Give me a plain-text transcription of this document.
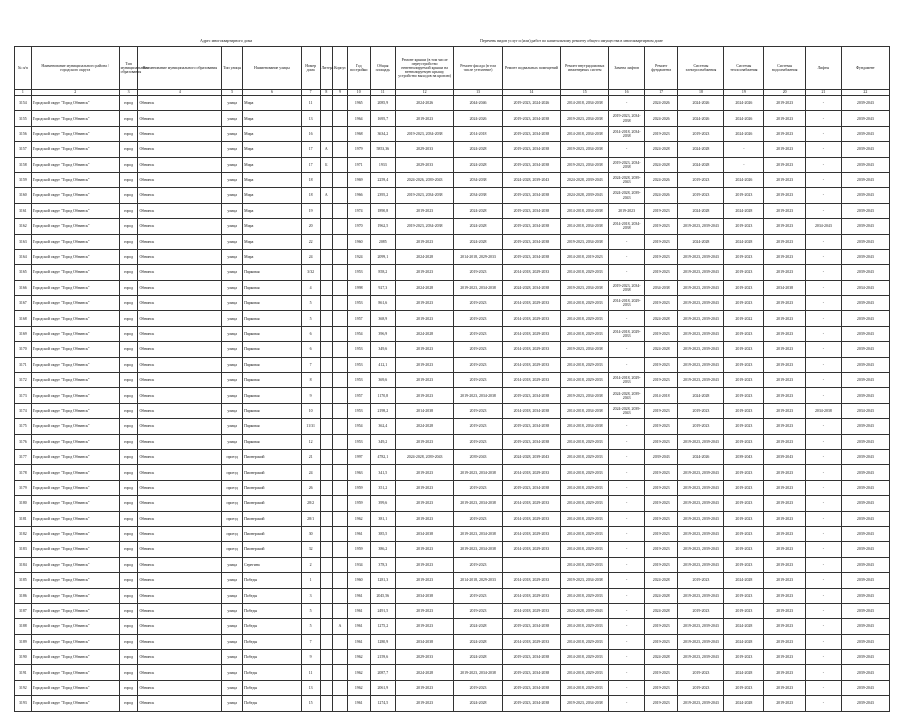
Адрес многоквартирного дома	Перечень видов услуг и (или) работ по капитальному ремонту общего имущества в многоквартирном доме
№ п/п	Наименование муниципального района / городского округа	Тип муниципального образования	Наименование муниципального образования	Тип улицы	Наименование улицы	Номер дома	Литера	Корпус	Год постройки	Общая площадь	Ремонт крыши (в том числе переустройство невентилируемой крыши на вентилируемую крышу, устройство выходов на кровлю)	Ремонт фасада (в том числе утепление)	Ремонт подвальных помещений	Ремонт внутридомовых инженерных систем	Замена лифтов	Ремонт фундамента	Системы электроснабжения	Системы теплоснабжения	Системы водоснабжения	Лифты	Фундамент
1	2	3	4	5	6	7	8	9	10	11	12	13	14	15	16	17	18	19	20	21	22
3154	Городской округ "Город Обнинск"	город	Обнинск	улица	Мира	11			1965	2085,9	2024-2026	2044-2046	2019-2023, 2024-2026	2014-2018, 2034-2038	-	2024-2026	2024-2026	2024-2026	2019-2023	-	2039-2043
3155	Городской округ "Город Обнинск"	город	Обнинск	улица	Мира	13			1964	1695,7	2019-2023	2024-2026	2019-2023, 2034-2038	2019-2023, 2034-2038	2019-2023, 2034-2038	2024-2026	2024-2026	2024-2026	2019-2023	-	2039-2043
3156	Городской округ "Город Обнинск"	город	Обнинск	улица	Мира	16			1968	3634,2	2019-2023, 2034-2038	2014-2018	2019-2023, 2034-2038	2014-2018, 2034-2038	2014-2018, 2034-2038	2019-2023	2019-2023	2024-2026	2019-2023	-	2039-2043
3157	Городской округ "Город Обнинск"	город	Обнинск	улица	Мира	17	А		1979	5853,36	2029-2033	2024-2028	2019-2023, 2034-2038	2019-2023, 2034-2038	-	2024-2028	2024-2028	-	2019-2023	-	2039-2043
3158	Городской округ "Город Обнинск"	город	Обнинск	улица	Мира	17	Б		1971	1933	2029-2033	2024-2028	2019-2023, 2034-2038	2019-2023, 2034-2038	2019-2023, 2034-2038	2024-2028	2024-2028	-	2019-2023	-	2039-2043
3159	Городской округ "Город Обнинск"	город	Обнинск	улица	Мира	18			1969	2259,4	2024-2026, 2039-2043	2034-2038	2024-2028, 2039-2043	2024-2028, 2039-2043	2024-2028, 2039-2043	2024-2026	2019-2023	2024-2026	2019-2023	-	2039-2043
3160	Городской округ "Город Обнинск"	город	Обнинск	улица	Мира	18	А		1966	2395,2	2019-2023, 2034-2038	2034-2038	2019-2023, 2034-2038	2024-2028, 2039-2043	2024-2028, 2039-2043	2024-2026	2019-2023	2019-2023	2019-2023	-	2039-2043
3161	Городской округ "Город Обнинск"	город	Обнинск	улица	Мира	19			1974	1890,8	2019-2023	2024-2028	2019-2023, 2034-2038	2014-2018, 2034-2038	2019-2023	2019-2023	2024-2028	2024-2028	2019-2023	-	2039-2043
3162	Городской округ "Город Обнинск"	город	Обнинск	улица	Мира	20			1970	1962,5	2019-2023, 2034-2038	2024-2028	2019-2023, 2034-2038	2014-2018, 2034-2038	2014-2018, 2034-2038	2019-2023	2019-2023, 2039-2043	2019-2023	2019-2023	2034-2043	2039-2043
3163	Городской округ "Город Обнинск"	город	Обнинск	улица	Мира	22			1960	2085	2019-2023	2024-2028	2019-2023, 2034-2038	2019-2023, 2034-2038	-	2019-2023	2024-2028	2024-2028	2019-2023	-	2039-2043
3164	Городской округ "Город Обнинск"	город	Обнинск	улица	Мира	24			1924	2099,1	2024-2028	2014-2018, 2029-2033	2019-2023, 2034-2038	2014-2018, 2019-2023	-	2019-2023	2019-2023, 2039-2043	2019-2023	2019-2023	-	2039-2043
3165	Городской округ "Город Обнинск"	город	Обнинск	улица	Парковая	3/32			1953	858,2	2019-2023	2019-2023	2014-2018, 2029-2033	2014-2018, 2029-2033	-	2019-2023	2019-2023, 2039-2043	2019-2023	2019-2023	-	2039-2043
3166	Городской округ "Город Обнинск"	город	Обнинск	улица	Парковая	4			1998	927,3	2024-2028	2019-2023, 2034-2038	2024-2028, 2034-2038	2019-2023, 2034-2038	2019-2023, 2034-2038	2034-2038	2019-2023, 2039-2043	2019-2023	2034-2038	-	2034-2043
3167	Городской округ "Город Обнинск"	город	Обнинск	улица	Парковая	5			1953	861,6	2019-2023	2019-2023	2014-2018, 2029-2033	2014-2018, 2029-2033	2014-2018, 2029-2033	2019-2023	2019-2023, 2039-2043	2019-2023	2019-2023	-	2039-2043
3168	Городской округ "Город Обнинск"	город	Обнинск	улица	Парковая	5			1957	368,9	2019-2023	2019-2023	2014-2018, 2029-2033	2014-2018, 2029-2033	-	2024-2028	2019-2023, 2039-2043	2019-2022	2019-2023	-	2039-2043
3169	Городской округ "Город Обнинск"	город	Обнинск	улица	Парковая	6			1954	396,9	2024-2028	2019-2023	2014-2018, 2029-2033	2014-2018, 2029-2033	2014-2018, 2029-2033	2019-2023	2019-2023, 2039-2043	2019-2023	2019-2023	-	2039-2043
3170	Городской округ "Город Обнинск"	город	Обнинск	улица	Парковая	6			1953	349,6	2019-2023	2019-2023	2014-2018, 2029-2033	2019-2023, 2034-2038	-	2024-2028	2019-2023, 2039-2043	2019-2023	2019-2023	-	2039-2043
3171	Городской округ "Город Обнинск"	город	Обнинск	улица	Парковая	7			1953	412,1	2019-2023	2019-2023	2014-2018, 2029-2033	2014-2018, 2029-2033	-	2019-2023	2019-2023, 2039-2043	2019-2023	2019-2023	-	2039-2043
3172	Городской округ "Город Обнинск"	город	Обнинск	улица	Парковая	8			1953	369,6	2019-2023	2019-2023	2014-2018, 2029-2033	2014-2018, 2029-2033	2014-2018, 2029-2033	2019-2023	2019-2023, 2039-2043	2019-2023	2019-2023	-	2039-2043
3173	Городской округ "Город Обнинск"	город	Обнинск	улица	Парковая	9			1957	1170,8	2019-2023	2019-2023, 2034-2038	2019-2023, 2034-2038	2019-2023, 2034-2038	2024-2028, 2039-2043	2014-2018	2024-2028	2019-2023	2019-2023	-	2039-2043
3174	Городской округ "Город Обнинск"	город	Обнинск	улица	Парковая	10			1953	2198,2	2014-2038	2019-2023	2014-2018, 2034-2038	2014-2018, 2034-2038	2024-2028, 2039-2043	2019-2023	2019-2023	2019-2023	2019-2023	2034-2038	2034-2043
3175	Городской округ "Город Обнинск"	город	Обнинск	улица	Парковая	11/31			1954	362,4	2024-2028	2019-2023	2019-2023, 2034-2038	2014-2018, 2034-2038	-	2019-2023	2019-2023	2019-2023	2019-2023	-	2039-2043
3176	Городской округ "Город Обнинск"	город	Обнинск	улица	Парковая	12			1953	349,2	2019-2023	2019-2023	2019-2023, 2034-2038	2014-2018, 2029-2033	-	2019-2023	2019-2023, 2039-2043	2019-2023	2019-2023	-	2039-2043
3177	Городской округ "Город Обнинск"	город	Обнинск	проезд	Пионерский	21			1997	4782,1	2024-2028, 2039-2043	2039-2043	2024-2028, 2039-2043	2014-2018, 2029-2033	-	2039-2043	2024-2026	2039-2043	2039-2043	-	2039-2043
3178	Городской округ "Город Обнинск"	город	Обнинск	проезд	Пионерский	24			1963	341,5	2019-2023	2019-2023, 2034-2038	2014-2018, 2029-2033	2014-2018, 2029-2033	-	2019-2023	2019-2023, 2039-2043	2019-2023	2019-2023	-	2039-2043
3179	Городской округ "Город Обнинск"	город	Обнинск	проезд	Пионерский	26			1959	351,2	2019-2023	2019-2023	2019-2023, 2034-2038	2014-2018, 2029-2033	-	2019-2023	2019-2023, 2039-2043	2019-2023	2019-2023	-	2039-2043
3180	Городской округ "Город Обнинск"	город	Обнинск	проезд	Пионерский	28/2			1959	399,6	2019-2023	2019-2023, 2034-2038	2014-2018, 2029-2033	2014-2018, 2029-2033	-	2019-2023	2019-2023, 2039-2043	2019-2023	2019-2023	-	2039-2043
3181	Городской округ "Город Обнинск"	город	Обнинск	проезд	Пионерский	28/1			1962	381,1	2019-2023	2019-2023	2014-2018, 2029-2033	2014-2018, 2029-2033	-	2019-2023	2019-2023, 2039-2043	2019-2023	2019-2023	-	2039-2043
3182	Городской округ "Город Обнинск"	город	Обнинск	проезд	Пионерский	30			1961	385,5	2034-2038	2019-2023, 2034-2038	2014-2018, 2029-2033	2014-2018, 2029-2033	-	2019-2023	2019-2023, 2039-2043	2019-2023	2019-2023	-	2039-2043
3183	Городской округ "Город Обнинск"	город	Обнинск	проезд	Пионерский	32			1959	386,2	2019-2023	2019-2023, 2034-2038	2014-2018, 2029-2033	2014-2018, 2029-2033	-	2019-2023	2019-2023, 2039-2043	2019-2023	2019-2023	-	2039-2043
3184	Городской округ "Город Обнинск"	город	Обнинск	улица	Серегина	2			1934	378,3	2019-2023	2019-2023		2014-2018, 2029-2033	-	2019-2023	2019-2023, 2039-2043	2019-2023	2019-2023	-	2039-2043
3185	Городской округ "Город Обнинск"	город	Обнинск	улица	Победы	1			1960	1281,3	2019-2023	2014-2018, 2029-2033	2014-2018, 2029-2033	2019-2023, 2034-2038	-	2024-2028	2019-2023	2024-2028	2019-2023	-	2039-2043
3186	Городской округ "Город Обнинск"	город	Обнинск	улица	Победы	3			1961	2045,56	2034-2038	2019-2023	2014-2018, 2029-2033	2014-2018, 2029-2033	-	2024-2028	2019-2023, 2039-2043	2019-2023	2019-2023	-	2039-2043
3187	Городской округ "Город Обнинск"	город	Обнинск	улица	Победы	5			1961	2491,5	2019-2023	2019-2023	2014-2018, 2029-2033	2024-2028, 2039-2043	-	2024-2028	2019-2023	2019-2023	2019-2023	-	2039-2043
3188	Городской округ "Город Обнинск"	город	Обнинск	улица	Победы	5		А	1961	1275,2	2019-2023	2024-2028	2019-2023, 2034-2038	2014-2018, 2029-2033	-	2019-2023	2019-2023, 2039-2043	2024-2028	2019-2023	-	2039-2043
3189	Городской округ "Город Обнинск"	город	Обнинск	улица	Победы	7			1961	1280,9	2034-2038	2024-2028	2014-2018, 2029-2033	2014-2018, 2029-2033	-	2019-2023	2019-2023, 2039-2043	2024-2028	2019-2023	-	2039-2043
3190	Городской округ "Город Обнинск"	город	Обнинск	улица	Победы	9			1962	2159,6	2029-2033	2024-2028	2019-2023, 2034-2038	2014-2018, 2029-2033	-	2024-2028	2019-2023, 2039-2043	2019-2023	2019-2023	-	2039-2043
3191	Городской округ "Город Обнинск"	город	Обнинск	улица	Победы	11			1962	2087,7	2024-2028	2019-2023, 2034-2038	2019-2023, 2034-2038	2014-2018, 2029-2033	-	2019-2023	2019-2023	2024-2028	2019-2023	-	2039-2043
3192	Городской округ "Город Обнинск"	город	Обнинск	улица	Победы	13			1962	2061,9	2019-2023	2019-2023	2019-2023, 2034-2038	2014-2018, 2029-2033	-	2019-2023	2019-2023	2019-2023	2019-2023	-	2039-2043
3193	Городской округ "Город Обнинск"	город	Обнинск	улица	Победы	15			1961	1274,5	2019-2023	2024-2028	2019-2023, 2034-2038	2019-2023, 2034-2038	-	2019-2023	2019-2023, 2039-2043	2024-2028	2019-2023	-	2039-2043
